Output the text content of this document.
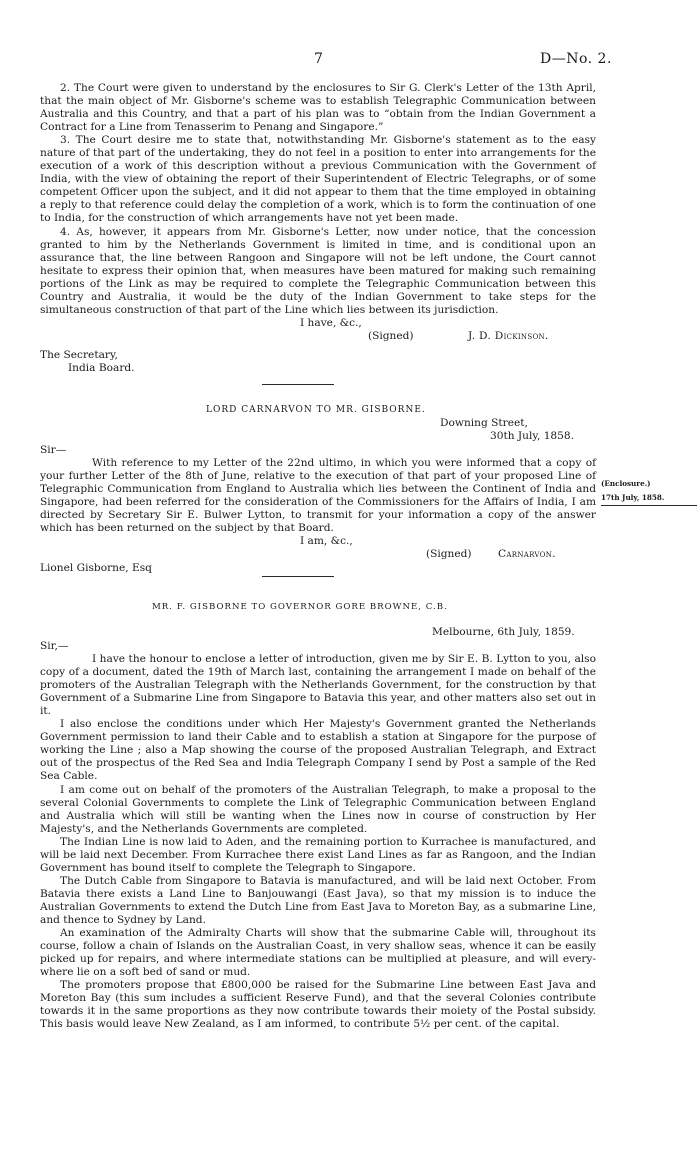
7	D—No. 2.

2. The Court were given to understand by the enclosures to Sir G. Clerk's Letter of the 13th April, that the main object of Mr. Gisborne's scheme was to establish Telegraphic Communication between Australia and this Country, and that a part of his plan was to “obtain from the Indian Government a Contract for a Line from Tenasserim to Penang and Singapore.”

3. The Court desire me to state that, notwithstanding Mr. Gisborne's statement as to the easy nature of that part of the undertaking, they do not feel in a position to enter into arrangements for the execution of a work of this description without a previous Communication with the Government of India, with the view of obtaining the report of their Superintendent of Electric Telegraphs, or of some competent Officer upon the subject, and it did not appear to them that the time employed in obtaining a reply to that reference could delay the completion of a work, which is to form the continuation of one to India, for the construction of which arrangements have not yet been made.

4. As, however, it appears from Mr. Gisborne's Letter, now under notice, that the concession granted to him by the Netherlands Government is limited in time, and is conditional upon an assurance that, the line between Rangoon and Singapore will not be left undone, the Court cannot hesitate to express their opinion that, when measures have been matured for making such remaining portions of the Link as may be required to complete the Telegraphic Communication between this Country and Australia, it would be the duty of the Indian Government to take steps for the simultaneous construction of that part of the Line which lies between its jurisdiction.

I have, &c.,

(Signed)	J. D. Dickinson.
The Secretary,
India Board.
LORD CARNARVON TO MR. GISBORNE.
Downing Street,
30th July, 1858.
Sir—

With reference to my Letter of the 22nd ultimo, in which you were informed that a copy of your further Letter of the 8th of June, relative to the execution of that part of your proposed Line of Telegraphic Communication from England to Australia which lies between the Continent of India and Singapore, had been referred for the consideration of the Commissioners for the Affairs of India, I am directed by Secretary Sir E. Bulwer Lytton, to transmit for your information a copy of the answer which has been returned on the subject by that Board.

I am, &c.,

(Signed) Carnarvon.
Lionel Gisborne, Esq
(Enclosure.)
17th July, 1858.
MR. F. GISBORNE TO GOVERNOR GORE BROWNE, C.B.
Melbourne, 6th July, 1859.
Sir,—

I have the honour to enclose a letter of introduction, given me by Sir E. B. Lytton to you, also copy of a document, dated the 19th of March last, containing the arrangement I made on behalf of the promoters of the Australian Telegraph with the Netherlands Government, for the construction by that Government of a Submarine Line from Singapore to Batavia this year, and other matters also set out in it.

I also enclose the conditions under which Her Majesty's Government granted the Netherlands Government permission to land their Cable and to establish a station at Singapore for the purpose of working the Line ; also a Map showing the course of the proposed Australian Telegraph, and Extract out of the prospectus of the Red Sea and India Telegraph Company I send by Post a sample of the Red Sea Cable.

I am come out on behalf of the promoters of the Australian Telegraph, to make a proposal to the several Colonial Governments to complete the Link of Telegraphic Communication between England and Australia which will still be wanting when the Lines now in course of construction by Her Majesty's, and the Netherlands Governments are completed.

The Indian Line is now laid to Aden, and the remaining portion to Kurrachee is manufactured, and will be laid next December. From Kurrachee there exist Land Lines as far as Rangoon, and the Indian Government has bound itself to complete the Telegraph to Singapore.

The Dutch Cable from Singapore to Batavia is manufactured, and will be laid next October. From Batavia there exists a Land Line to Banjouwangi (East Java), so that my mission is to induce the Australian Governments to extend the Dutch Line from East Java to Moreton Bay, as a submarine Line, and thence to Sydney by Land.

An examination of the Admiralty Charts will show that the submarine Cable will, throughout its course, follow a chain of Islands on the Australian Coast, in very shallow seas, whence it can be easily picked up for repairs, and where intermediate stations can be multiplied at pleasure, and will every-where lie on a soft bed of sand or mud.

The promoters propose that £800,000 be raised for the Submarine Line between East Java and Moreton Bay (this sum includes a sufficient Reserve Fund), and that the several Colonies contribute towards it in the same proportions as they now contribute towards their moiety of the Postal subsidy. This basis would leave New Zealand, as I am informed, to contribute 5½ per cent. of the capital.
